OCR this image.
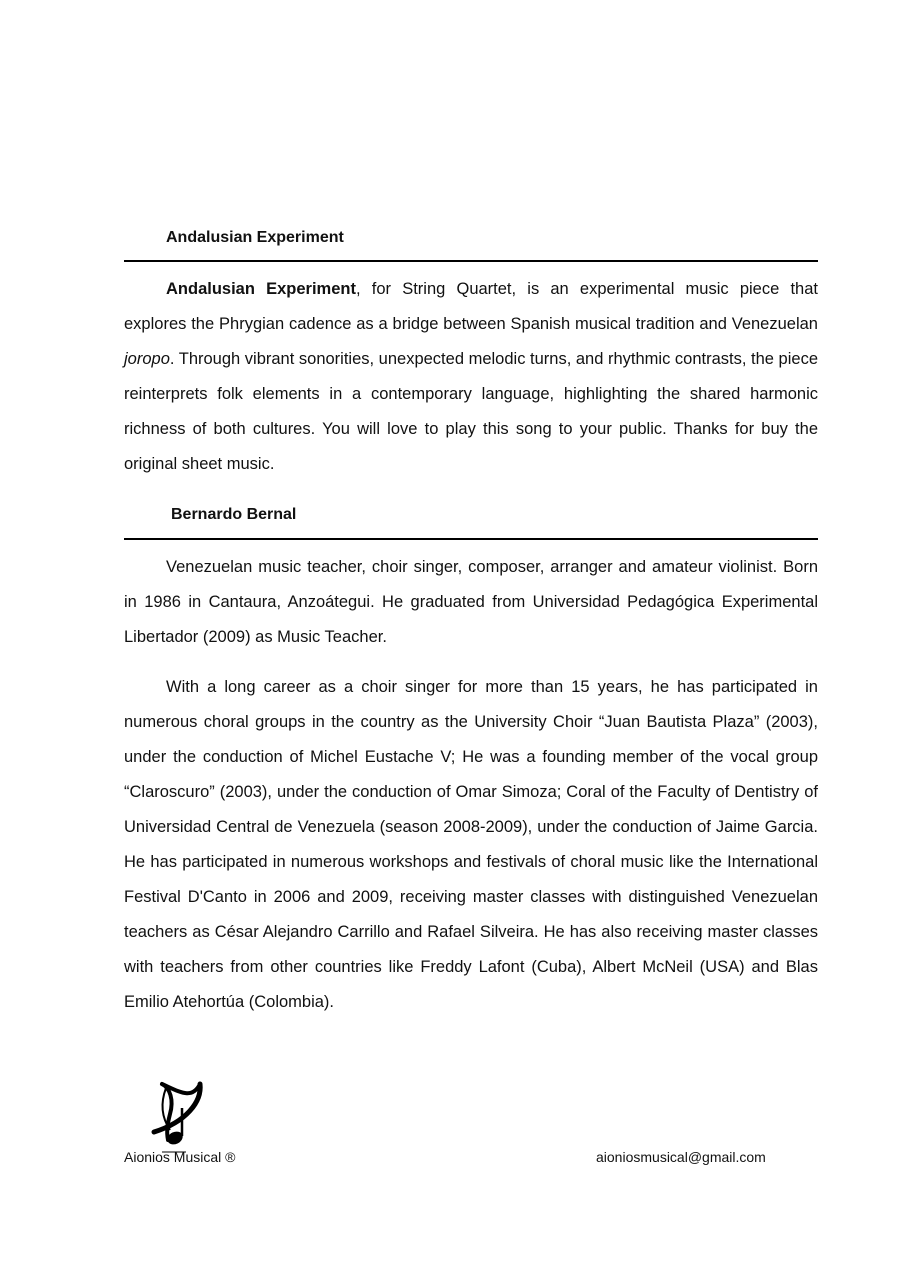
Andalusian Experiment

Andalusian Experiment, for String Quartet, is an experimental music piece that explores the Phrygian cadence as a bridge between Spanish musical tradition and Venezuelan joropo. Through vibrant sonorities, unexpected melodic turns, and rhythmic contrasts, the piece reinterprets folk elements in a contemporary language, highlighting the shared harmonic richness of both cultures. You will love to play this song to your public. Thanks for buy the original sheet music.

Bernardo Bernal

Venezuelan music teacher, choir singer, composer, arranger and amateur violinist. Born in 1986 in Cantaura, Anzoátegui. He graduated from Universidad Pedagógica Experimental Libertador (2009) as Music Teacher.

With a long career as a choir singer for more than 15 years, he has participated in numerous choral groups in the country as the University Choir “Juan Bautista Plaza” (2003), under the conduction of Michel Eustache V; He was a founding member of the vocal group “Claroscuro” (2003), under the conduction of Omar Simoza; Coral of the Faculty of Dentistry of Universidad Central de Venezuela (season 2008-2009), under the conduction of Jaime Garcia. He has participated in numerous workshops and festivals of choral music like the International Festival D'Canto in 2006 and 2009, receiving master classes with distinguished Venezuelan teachers as César Alejandro Carrillo and Rafael Silveira. He has also receiving master classes with teachers from other countries like Freddy Lafont (Cuba), Albert McNeil (USA) and Blas Emilio Atehortúa (Colombia).

Aionios Musical ®	aioniosmusical@gmail.com
